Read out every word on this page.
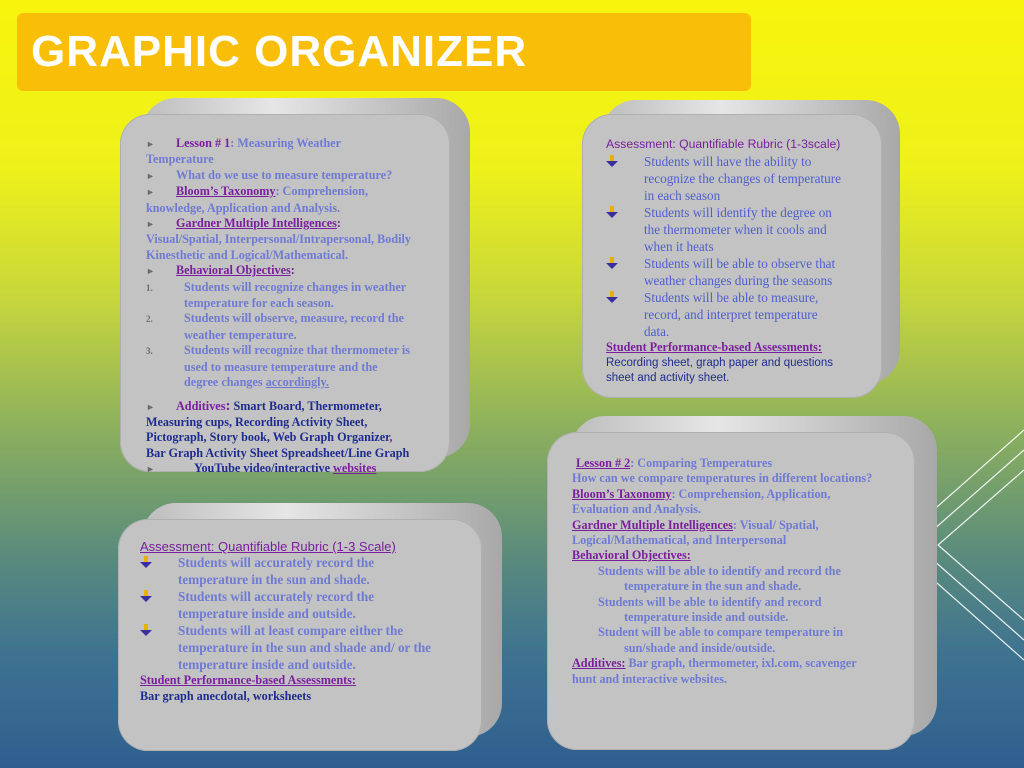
GRAPHIC ORGANIZER
► Lesson # 1: Measuring Weather
Temperature
► What do we use to measure temperature?
► Bloom’s Taxonomy: Comprehension,
knowledge, Application and Analysis.
► Gardner Multiple Intelligences:
Visual/Spatial, Interpersonal/Intrapersonal, Bodily
Kinesthetic and Logical/Mathematical.
► Behavioral Objectives:
1.	Students will recognize changes in weather
temperature for each season.
2.	Students will observe, measure, record the
weather temperature.
3.	Students will recognize that thermometer is
used to measure temperature and the
degree changes accordingly.
► Additives: Smart Board, Thermometer,
Measuring cups, Recording Activity Sheet,
Pictograph, Story book, Web Graph Organizer,
Bar Graph Activity Sheet Spreadsheet/Line Graph
►	YouTube video/interactive websites
Assessment: Quantifiable Rubric (1-3scale)
Students will have the ability to
recognize the changes of temperature
in each season
Students will identify the degree on
the thermometer when it cools and
when it heats
Students will be able to observe that
weather changes during the seasons
Students will be able to measure,
record, and interpret temperature
data.
Student Performance-based Assessments:
Recording sheet, graph paper and questions
sheet and activity sheet.
Assessment: Quantifiable Rubric (1-3 Scale)
Students will accurately record the
temperature in the sun and shade.
Students will accurately record the
temperature inside and outside.
Students will at least compare either the
temperature in the sun and shade and/ or the
temperature inside and outside.
Student Performance-based Assessments:
Bar graph anecdotal, worksheets
Lesson # 2: Comparing Temperatures
How can we compare temperatures in different locations?
Bloom’s Taxonomy: Comprehension, Application,
Evaluation and Analysis.
Gardner Multiple Intelligences: Visual/ Spatial,
Logical/Mathematical, and Interpersonal
Behavioral Objectives:
Students will be able to identify and record the
temperature in the sun and shade.
Students will be able to identify and record
temperature inside and outside.
Student will be able to compare temperature in
sun/shade and inside/outside.
Additives: Bar graph, thermometer, ixl.com, scavenger
hunt and interactive websites.
